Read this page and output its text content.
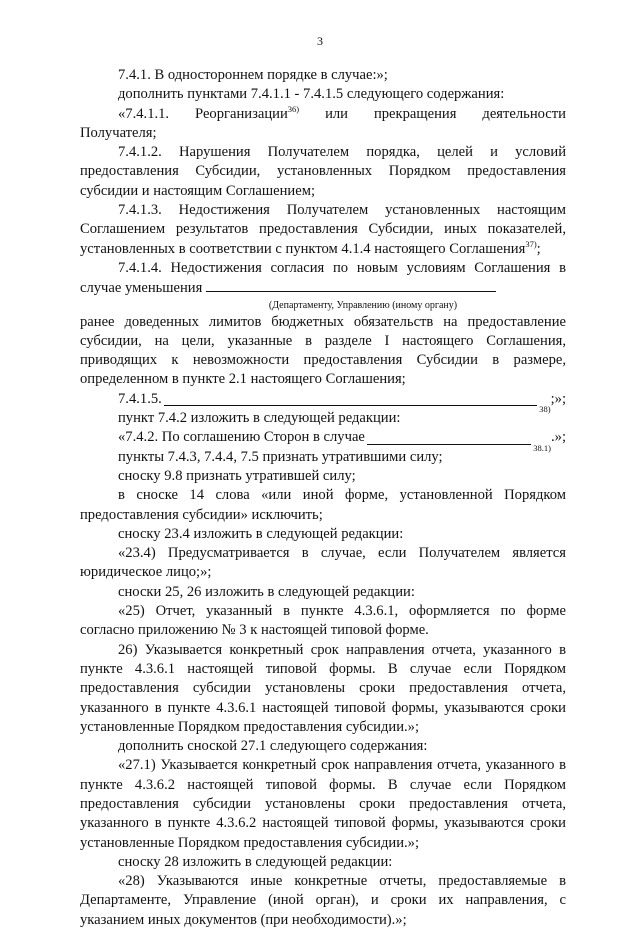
3

7.4.1. В одностороннем порядке в случае:»;

дополнить пунктами 7.4.1.1 - 7.4.1.5 следующего содержания:

«7.4.1.1. Реорганизации$^{36)}$ или прекращения деятельности

Получателя;

7.4.1.2. Нарушения Получателем порядка, целей и условий предоставления Субсидии, установленных Порядком предоставления субсидии и настоящим Соглашением;

7.4.1.3. Недостижения Получателем установленных настоящим Соглашением результатов предоставления Субсидии, иных показателей, установленных в соответствии с пунктом 4.1.4 настоящего Соглашения$^{37)}$;

7.4.1.4. Недостижения согласия по новым условиям Соглашения в случае уменьшения

(Департаменту, Управлению (иному органу)

ранее доведенных лимитов бюджетных обязательств на предоставление субсидии, на цели, указанные в разделе I настоящего Соглашения, приводящих к невозможности предоставления Субсидии в размере, определенном в пункте 2.1 настоящего Соглашения;

7.4.1.5.
38)
;»;

пункт 7.4.2 изложить в следующей редакции:

«7.4.2. По соглашению Сторон в случае
38.1)
.»;

пункты 7.4.3, 7.4.4, 7.5 признать утратившими силу;

сноску 9.8 признать утратившей силу;

в сноске 14 слова «или иной форме, установленной Порядком предоставления субсидии» исключить;

сноску 23.4 изложить в следующей редакции:

«23.4) Предусматривается в случае, если Получателем является юридическое лицо;»;

сноски 25, 26 изложить в следующей редакции:

«25) Отчет, указанный в пункте 4.3.6.1, оформляется по форме согласно приложению № 3 к настоящей типовой форме.

26) Указывается конкретный срок направления отчета, указанного в пункте 4.3.6.1 настоящей типовой формы. В случае если Порядком предоставления субсидии установлены сроки предоставления отчета, указанного в пункте 4.3.6.1 настоящей типовой формы, указываются сроки установленные Порядком предоставления субсидии.»;

дополнить сноской 27.1 следующего содержания:

«27.1) Указывается конкретный срок направления отчета, указанного в пункте 4.3.6.2 настоящей типовой формы. В случае если Порядком предоставления субсидии установлены сроки предоставления отчета, указанного в пункте 4.3.6.2 настоящей типовой формы, указываются сроки установленные Порядком предоставления субсидии.»;

сноску 28 изложить в следующей редакции:

«28) Указываются иные конкретные отчеты, предоставляемые в Департаменте, Управление (иной орган), и сроки их направления, с указанием иных документов (при необходимости).»;
